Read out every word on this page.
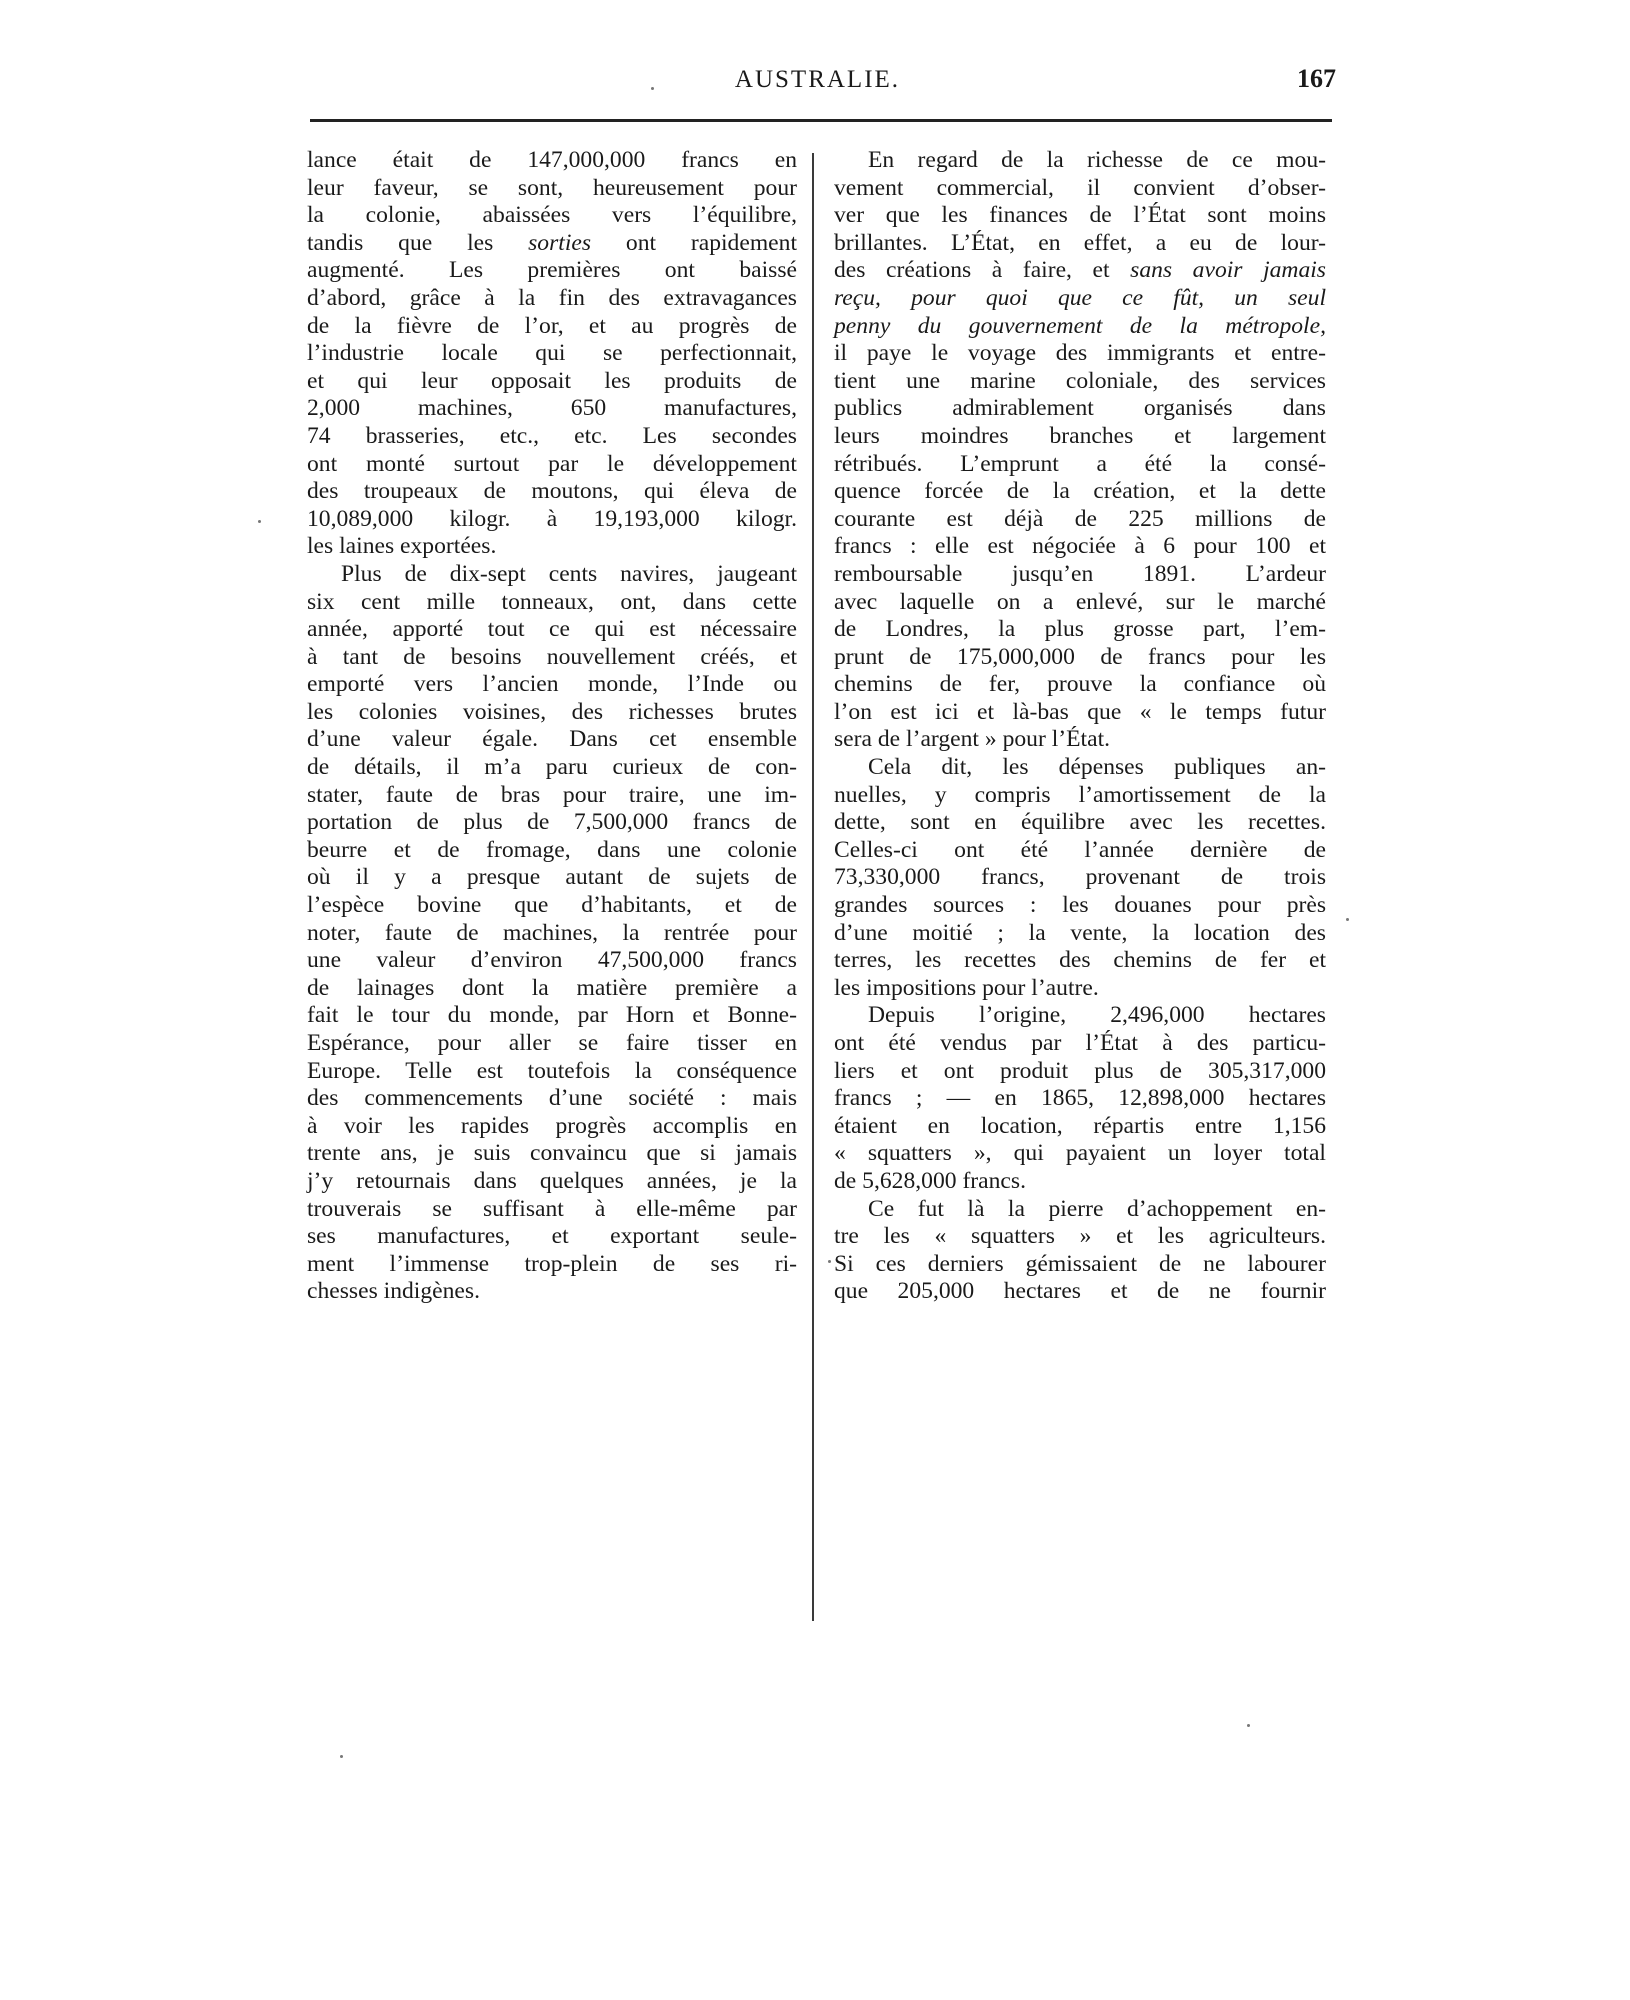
AUSTRALIE.	167
lance était de 147,000,000 francs en
leur faveur, se sont, heureusement pour
la colonie, abaissées vers l’équilibre,
tandis que les sorties ont rapidement
augmenté. Les premières ont baissé
d’abord, grâce à la fin des extravagances
de la fièvre de l’or, et au progrès de
l’industrie locale qui se perfectionnait,
et qui leur opposait les produits de
2,000 machines, 650 manufactures,
74 brasseries, etc., etc. Les secondes
ont monté surtout par le développement
des troupeaux de moutons, qui éleva de
10,089,000 kilogr. à 19,193,000 kilogr.
les laines exportées.
Plus de dix-sept cents navires, jaugeant
six cent mille tonneaux, ont, dans cette
année, apporté tout ce qui est nécessaire
à tant de besoins nouvellement créés, et
emporté vers l’ancien monde, l’Inde ou
les colonies voisines, des richesses brutes
d’une valeur égale. Dans cet ensemble
de détails, il m’a paru curieux de con-
stater, faute de bras pour traire, une im-
portation de plus de 7,500,000 francs de
beurre et de fromage, dans une colonie
où il y a presque autant de sujets de
l’espèce bovine que d’habitants, et de
noter, faute de machines, la rentrée pour
une valeur d’environ 47,500,000 francs
de lainages dont la matière première a
fait le tour du monde, par Horn et Bonne-
Espérance, pour aller se faire tisser en
Europe. Telle est toutefois la conséquence
des commencements d’une société : mais
à voir les rapides progrès accomplis en
trente ans, je suis convaincu que si jamais
j’y retournais dans quelques années, je la
trouverais se suffisant à elle-même par
ses manufactures, et exportant seule-
ment l’immense trop-plein de ses ri-
chesses indigènes.
En regard de la richesse de ce mou-
vement commercial, il convient d’obser-
ver que les finances de l’État sont moins
brillantes. L’État, en effet, a eu de lour-
des créations à faire, et sans avoir jamais
reçu, pour quoi que ce fût, un seul
penny du gouvernement de la métropole,
il paye le voyage des immigrants et entre-
tient une marine coloniale, des services
publics admirablement organisés dans
leurs moindres branches et largement
rétribués. L’emprunt a été la consé-
quence forcée de la création, et la dette
courante est déjà de 225 millions de
francs : elle est négociée à 6 pour 100 et
remboursable jusqu’en 1891. L’ardeur
avec laquelle on a enlevé, sur le marché
de Londres, la plus grosse part, l’em-
prunt de 175,000,000 de francs pour les
chemins de fer, prouve la confiance où
l’on est ici et là-bas que « le temps futur
sera de l’argent » pour l’État.
Cela dit, les dépenses publiques an-
nuelles, y compris l’amortissement de la
dette, sont en équilibre avec les recettes.
Celles-ci ont été l’année dernière de
73,330,000 francs, provenant de trois
grandes sources : les douanes pour près
d’une moitié ; la vente, la location des
terres, les recettes des chemins de fer et
les impositions pour l’autre.
Depuis l’origine, 2,496,000 hectares
ont été vendus par l’État à des particu-
liers et ont produit plus de 305,317,000
francs ; — en 1865, 12,898,000 hectares
étaient en location, répartis entre 1,156
« squatters », qui payaient un loyer total
de 5,628,000 francs.
Ce fut là la pierre d’achoppement en-
tre les « squatters » et les agriculteurs.
Si ces derniers gémissaient de ne labourer
que 205,000 hectares et de ne fournir
